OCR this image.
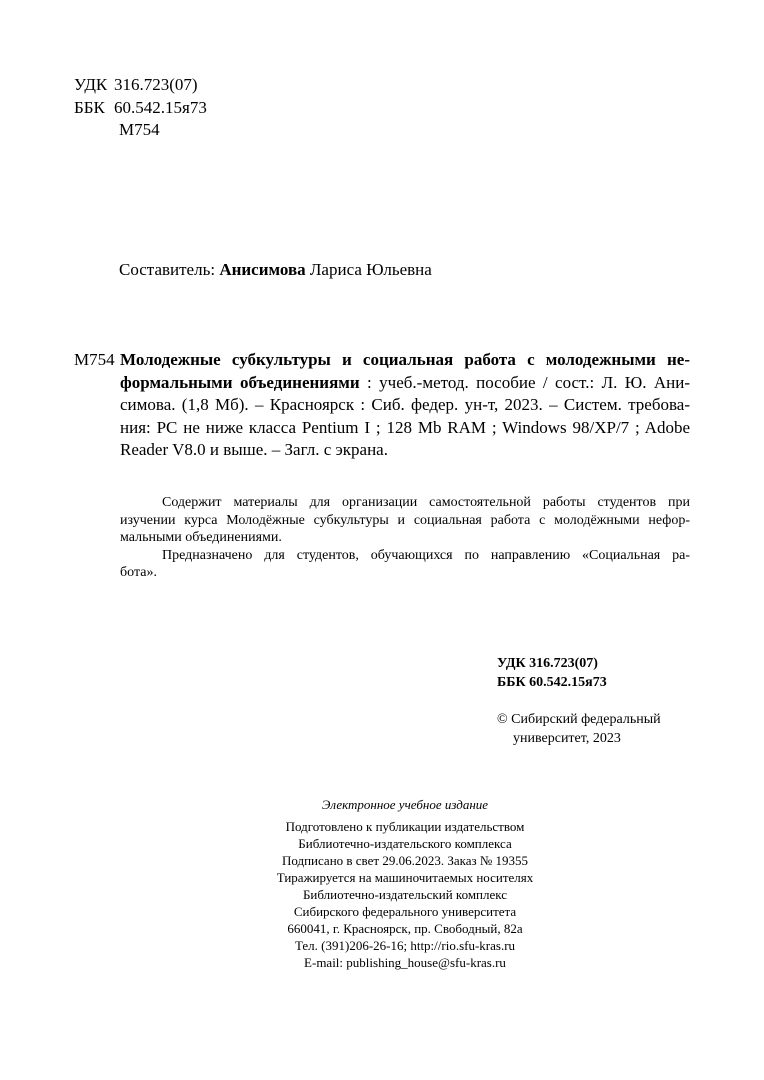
УДК 316.723(07)
ББК 60.542.15я73
М754
Составитель: Анисимова Лариса Юльевна
М754 Молодежные субкультуры и социальная работа с молодежными не-
формальными объединениями : учеб.-метод. пособие / сост.: Л. Ю. Ани-
симова. (1,8 Мб). – Красноярск : Сиб. федер. ун-т, 2023. – Систем. требова-
ния: PC не ниже класса Pentium I ; 128 Mb RAM ; Windows 98/XP/7 ; Adobe
Reader V8.0 и выше. – Загл. с экрана.
Содержит материалы для организации самостоятельной работы студентов при
изучении курса Молодёжные субкультуры и социальная работа с молодёжными нефор-
мальными объединениями.
Предназначено для студентов, обучающихся по направлению «Социальная ра-
бота».
УДК 316.723(07)
ББК 60.542.15я73
© Сибирский федеральный
университет, 2023
Электронное учебное издание
Подготовлено к публикации издательством
Библиотечно-издательского комплекса
Подписано в свет 29.06.2023. Заказ № 19355
Тиражируется на машиночитаемых носителях
Библиотечно-издательский комплекс
Сибирского федерального университета
660041, г. Красноярск, пр. Свободный, 82а
Тел. (391)206-26-16; http://rio.sfu-kras.ru
E-mail: publishing_house@sfu-kras.ru
